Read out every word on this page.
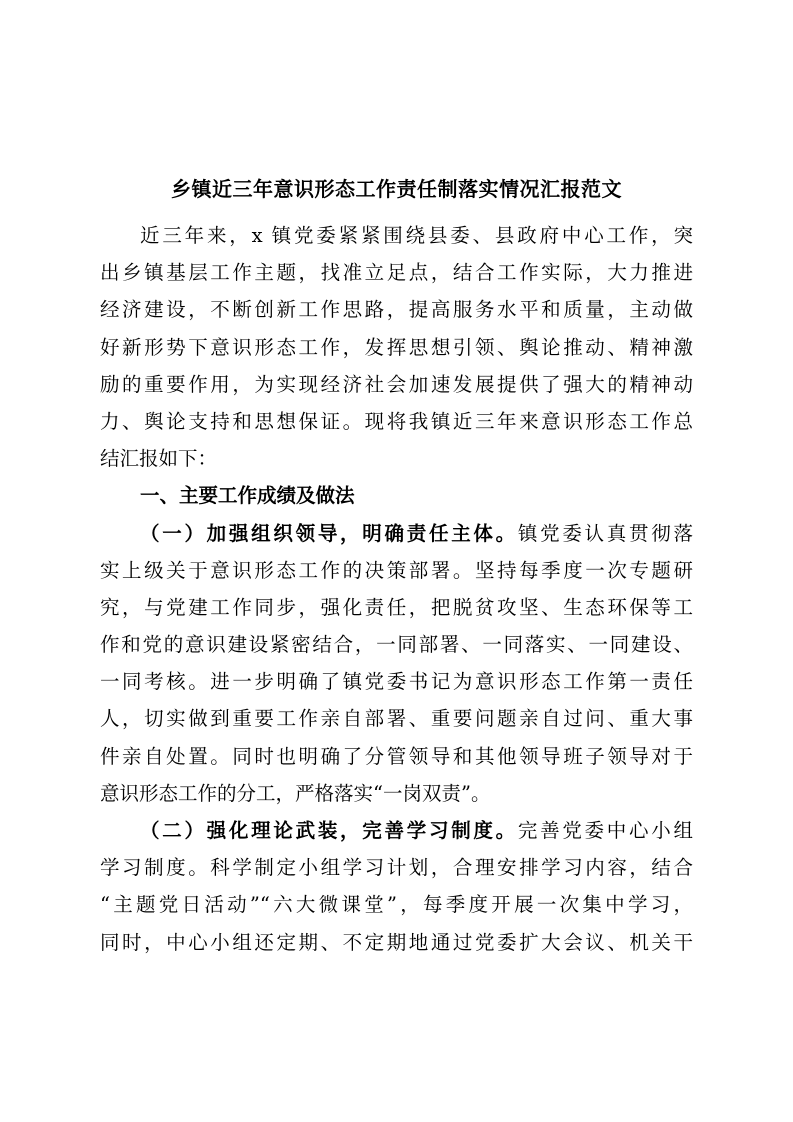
乡镇近三年意识形态工作责任制落实情况汇报范文
近三年来，x 镇党委紧紧围绕县委、县政府中心工作，突
出乡镇基层工作主题，找准立足点，结合工作实际，大力推进
经济建设，不断创新工作思路，提高服务水平和质量，主动做
好新形势下意识形态工作，发挥思想引领、舆论推动、精神激
励的重要作用，为实现经济社会加速发展提供了强大的精神动
力、舆论支持和思想保证。现将我镇近三年来意识形态工作总
结汇报如下：
一、主要工作成绩及做法
（一）加强组织领导，明确责任主体。镇党委认真贯彻落
实上级关于意识形态工作的决策部署。坚持每季度一次专题研
究，与党建工作同步，强化责任，把脱贫攻坚、生态环保等工
作和党的意识建设紧密结合，一同部署、一同落实、一同建设、
一同考核。进一步明确了镇党委书记为意识形态工作第一责任
人，切实做到重要工作亲自部署、重要问题亲自过问、重大事
件亲自处置。同时也明确了分管领导和其他领导班子领导对于
意识形态工作的分工，严格落实“一岗双责”。
（二）强化理论武装，完善学习制度。完善党委中心小组
学习制度。科学制定小组学习计划，合理安排学习内容，结合
“主题党日活动”“六大微课堂”，每季度开展一次集中学习，
同时，中心小组还定期、不定期地通过党委扩大会议、机关干
